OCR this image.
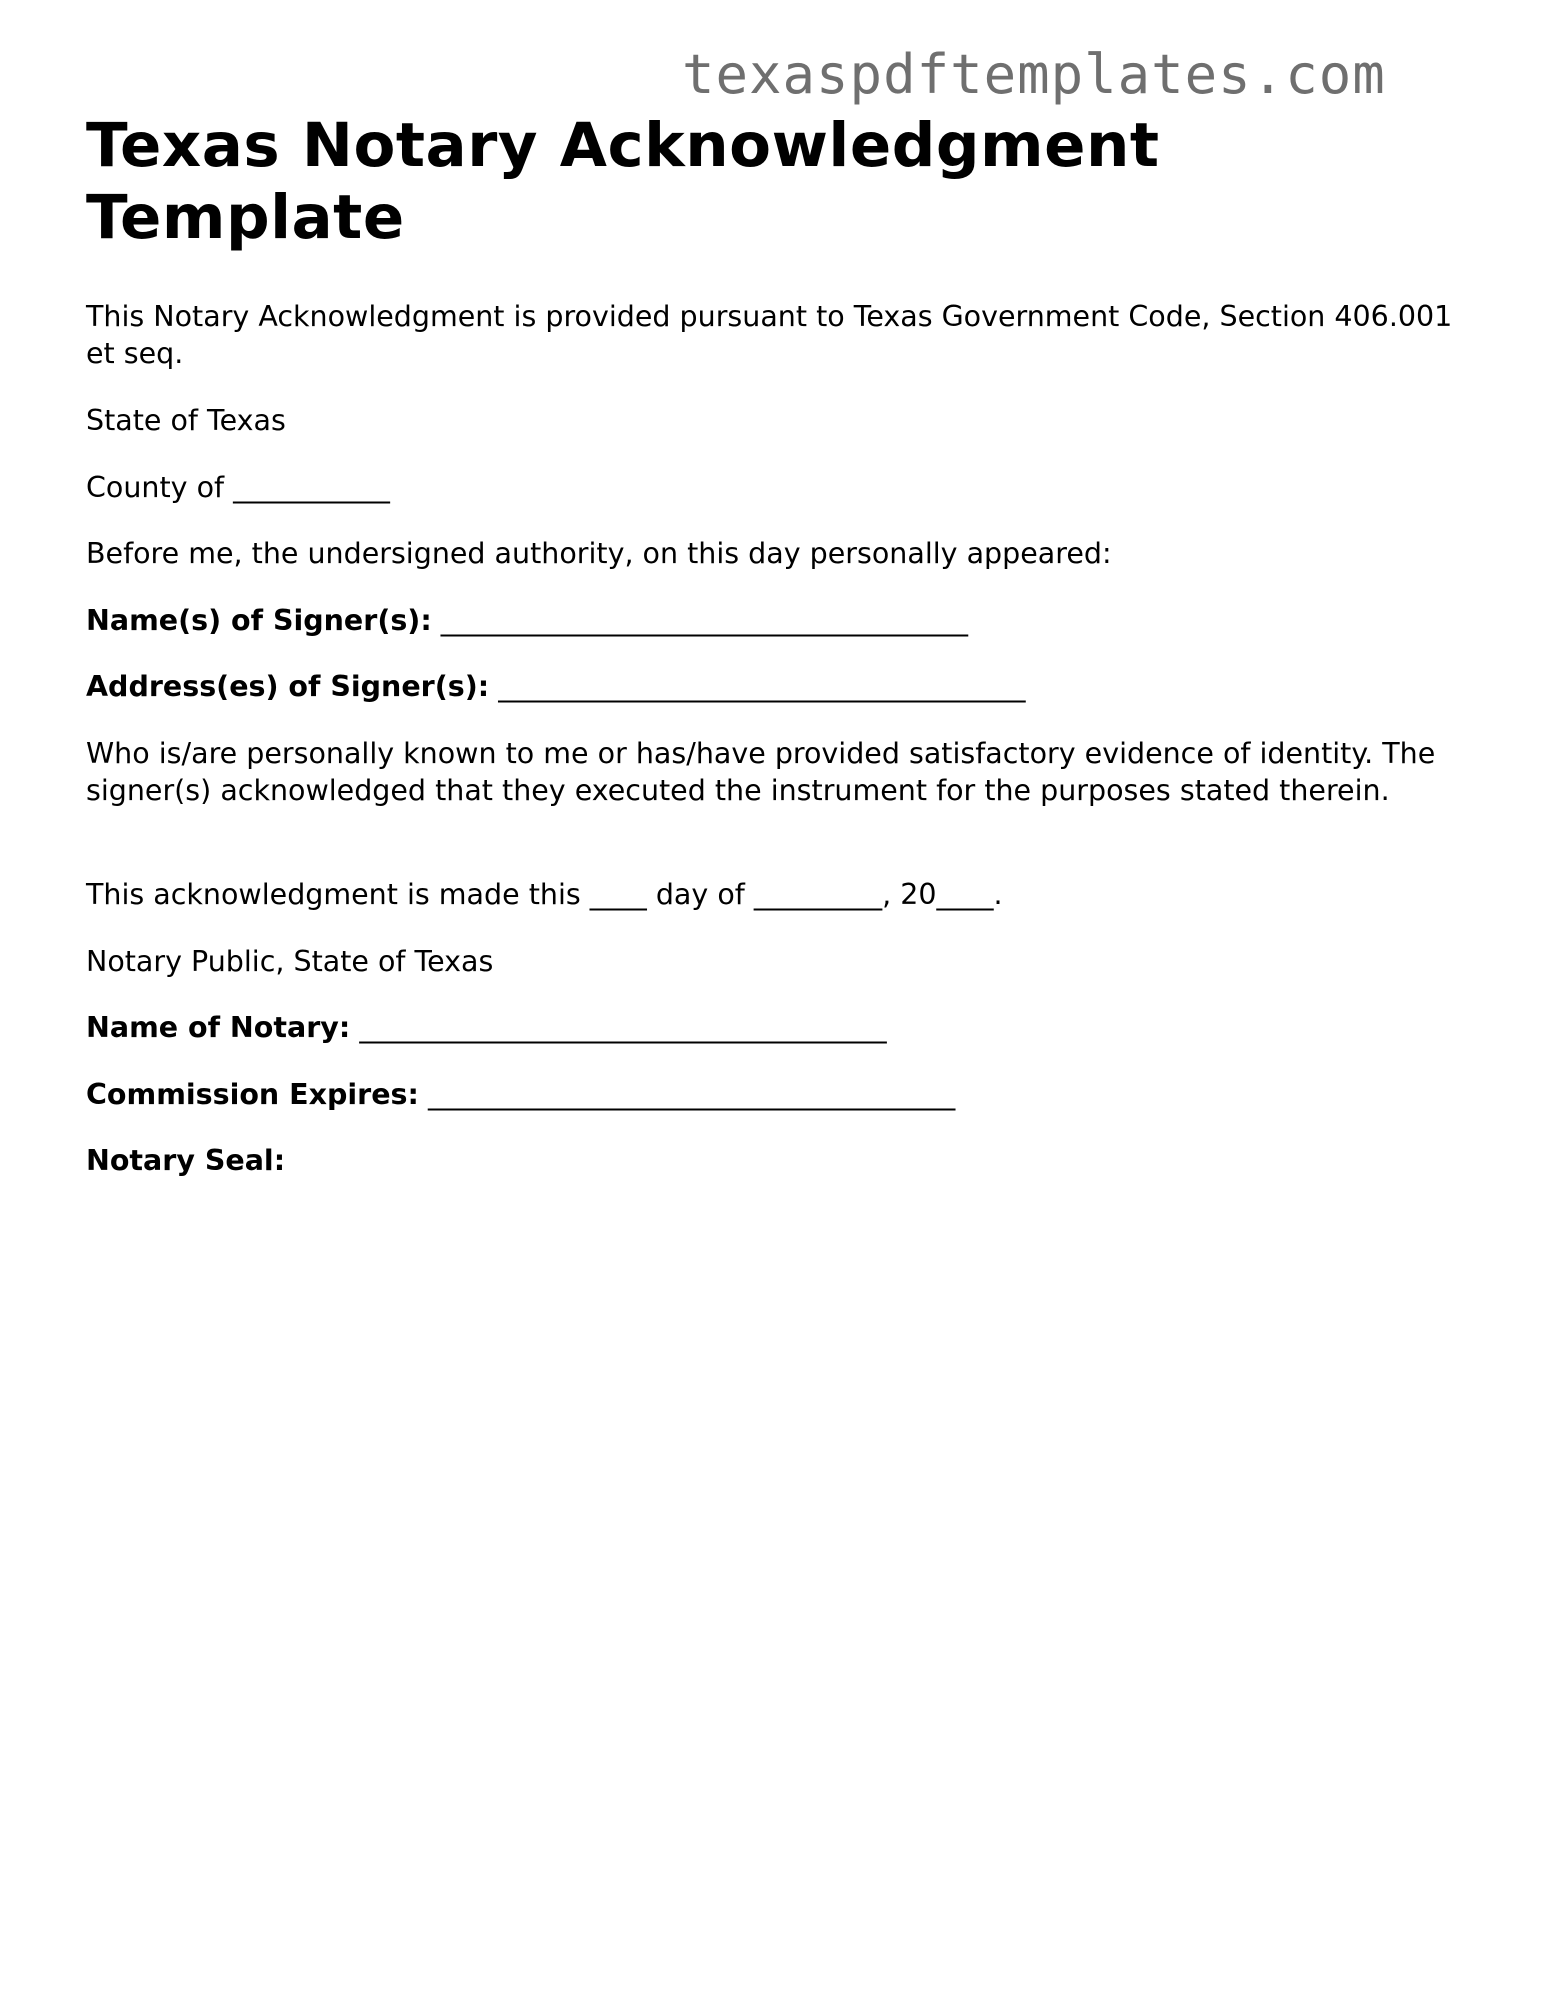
texaspdftemplates.com
Texas Notary Acknowledgment Template

This Notary Acknowledgment is provided pursuant to Texas Government Code, Section 406.001 et seq.

State of Texas

County of ___________

Before me, the undersigned authority, on this day personally appeared:

Name(s) of Signer(s): _____________________________________

Address(es) of Signer(s): _____________________________________

Who is/are personally known to me or has/have provided satisfactory evidence of identity. The signer(s) acknowledged that they executed the instrument for the purposes stated therein.

This acknowledgment is made this ____ day of _________, 20____.

Notary Public, State of Texas

Name of Notary: _____________________________________

Commission Expires: _____________________________________

Notary Seal:
